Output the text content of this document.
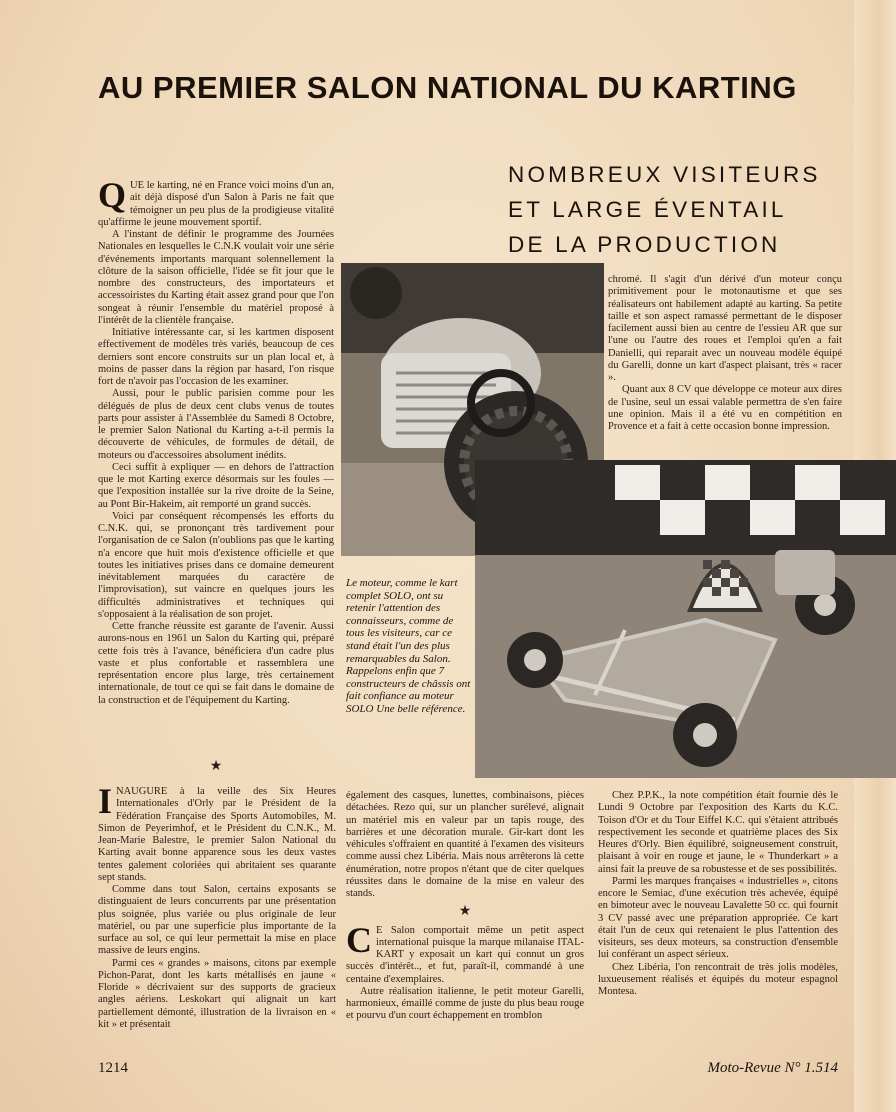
AU PREMIER SALON NATIONAL DU KARTING
NOMBREUX VISITEURS
ET LARGE ÉVENTAIL
DE LA PRODUCTION
Q UE le karting, né en France voici moins d'un an, ait déjà disposé d'un Salon à Paris ne fait que témoigner un peu plus de la prodigieuse vitalité qu'affirme le jeune mouvement sportif.

A l'instant de définir le programme des Journées Nationales en lesquelles le C.N.K voulait voir une série d'événements importants marquant solennellement la clôture de la saison officielle, l'idée se fit jour que le nombre des constructeurs, des importateurs et accessoiristes du Karting était assez grand pour que l'on songeat à réunir l'ensemble du matériel proposé à l'intérêt de la clientèle française.

Initiative intéressante car, si les kartmen disposent effectivement de modèles très variés, beaucoup de ces derniers sont encore construits sur un plan local et, à moins de passer dans la région par hasard, l'on risque fort de n'avoir pas l'occasion de les examiner.

Aussi, pour le public parisien comme pour les délégués de plus de deux cent clubs venus de toutes parts pour assister à l'Assemblée du Samedi 8 Octobre, le premier Salon National du Karting a-t-il permis la découverte de véhicules, de formules de détail, de moteurs ou d'accessoires absolument inédits.

Ceci suffit à expliquer — en dehors de l'attraction que le mot Karting exerce désormais sur les foules — que l'exposition installée sur la rive droite de la Seine, au Pont Bir-Hakeim, ait remporté un grand succès.

Voici par conséquent récompensés les efforts du C.N.K. qui, se prononçant très tardivement pour l'organisation de ce Salon (n'oublions pas que le karting n'a encore que huit mois d'existence officielle et que toutes les initiatives prises dans ce domaine demeurent inévitablement marquées du caractère de l'improvisation), sut vaincre en quelques jours les difficultés administratives et techniques qui s'opposaient à la réalisation de son projet.

Cette franche réussite est garante de l'avenir. Aussi aurons-nous en 1961 un Salon du Karting qui, préparé cette fois très à l'avance, bénéficiera d'un cadre plus vaste et plus confortable et rassemblera une représentation encore plus large, très certainement internationale, de tout ce qui se fait dans le domaine de la construction et de l'équipement du Karting.

★
Le moteur, comme le kart complet SOLO, ont su retenir l'attention des connaisseurs, comme de tous les visiteurs, car ce stand était l'un des plus remarquables du Salon. Rappelons enfin que 7 constructeurs de châssis ont fait confiance au moteur SOLO Une belle référence.

chromé. Il s'agit d'un dérivé d'un moteur conçu primitivement pour le motonautisme et que ses réalisateurs ont habilement adapté au karting. Sa petite taille et son aspect ramassé permettant de le disposer facilement aussi bien au centre de l'essieu AR que sur l'une ou l'autre des roues et l'emploi qu'en a fait Danielli, qui reparait avec un nouveau modèle équipé du Garelli, donne un kart d'aspect plaisant, très « racer ».

Quant aux 8 CV que développe ce moteur aux dires de l'usine, seul un essai valable permettra de s'en faire une opinion. Mais il a été vu en compétition en Provence et a fait à cette occasion bonne impression.

I NAUGURE à la veille des Six Heures Internationales d'Orly par le Président de la Fédération Française des Sports Automobiles, M. Simon de Peyerimhof, et le Président du C.N.K., M. Jean-Marie Balestre, le premier Salon National du Karting avait bonne apparence sous les deux vastes tentes galement coloriées qui abritaient ses quarante sept stands.

Comme dans tout Salon, certains exposants se distinguaient de leurs concurrents par une présentation plus soignée, plus variée ou plus originale de leur matériel, ou par une superficie plus importante de la surface au sol, ce qui leur permettait la mise en place massive de leurs engins.

Parmi ces « grandes » maisons, citons par exemple Pichon-Parat, dont les karts métallisés en jaune « Floride » décrivaient sur des supports de gracieux angles aériens. Leskokart qui alignait un kart partiellement démonté, illustration de la livraison en « kit » et présentait

également des casques, lunettes, combinaisons, pièces détachées. Rezo qui, sur un plancher surélevé, alignait un matériel mis en valeur par un tapis rouge, des barrières et une décoration murale. Gir-kart dont les véhicules s'offraient en quantité à l'examen des visiteurs comme aussi chez Libéria. Mais nous arrêterons là cette énumération, notre propos n'étant que de citer quelques réussites dans le domaine de la mise en valeur des stands.

★
C E Salon comportait même un petit aspect international puisque la marque milanaise ITAL-KART y exposait un kart qui connut un gros succès d'intérêt.., et fut, paraît-il, commandé à une centaine d'exemplaires.

Autre réalisation italienne, le petit moteur Garelli, harmonieux, émaillé comme de juste du plus beau rouge et pourvu d'un court échappement en tromblon

Chez P.P.K., la note compétition était fournie dès le Lundi 9 Octobre par l'exposition des Karts du K.C. Toison d'Or et du Tour Eiffel K.C. qui s'étaient attribués respectivement les seconde et quatrième places des Six Heures d'Orly. Bien équilibré, soigneusement construit, plaisant à voir en rouge et jaune, le « Thunderkart » a ainsi fait la preuve de sa robustesse et de ses possibilités.

Parmi les marques françaises « industrielles », citons encore le Semiac, d'une exécution très achevée, équipé en bimoteur avec le nouveau Lavalette 50 cc. qui fournit 3 CV passé avec une préparation appropriée. Ce kart était l'un de ceux qui retenaient le plus l'attention des visiteurs, ses deux moteurs, sa construction d'ensemble lui conférant un aspect sérieux.

Chez Libéria, l'on rencontrait de très jolis modèles, luxueusement réalisés et équipés du moteur espagnol Montesa.

1214	Moto-Revue N° 1.514
